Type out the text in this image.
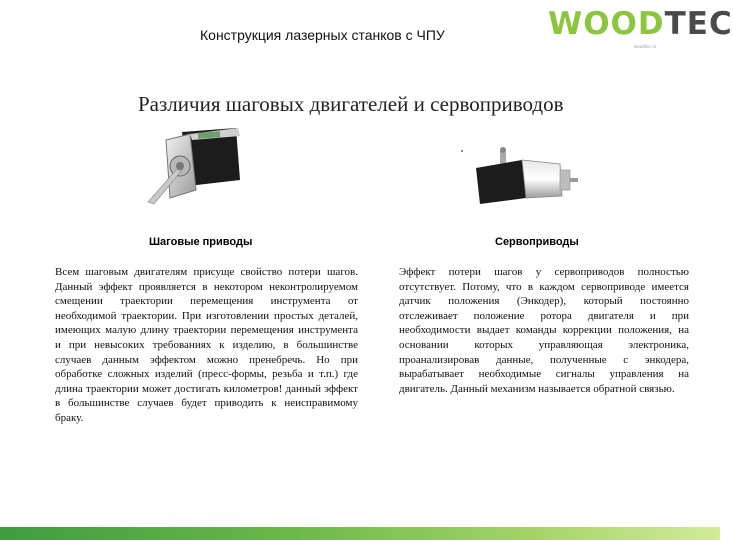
Конструкция лазерных станков с ЧПУ	WOODTEC
woodtec.ru
Различия шаговых двигателей и сервоприводов
Шаговые приводы	Сервоприводы

Всем шаговым двигателям присуще свойство потери шагов. Данный эффект проявляется в некотором неконтролируемом смещении траектории перемещения инструмента от необходимой траектории. При изготовлении простых деталей, имеющих малую длину траектории перемещения инструмента и при невысоких требованиях к изделию, в большинстве случаев данным эффектом можно пренебречь. Но при обработке сложных изделий (пресс-формы, резьба и т.п.) где длина траектории может достигать километров! данный эффект в большинстве случаев будет приводить к неисправимому браку.

Эффект потери шагов у сервоприводов полностью отсутствует. Потому, что в каждом сервоприводе имеется датчик положения (Энкодер), который постоянно отслеживает положение ротора двигателя и при необходимости выдает команды коррекции положения, на основании которых управляющая электроника, проанализировав данные, полученные с энкодера, вырабатывает необходимые сигналы управления на двигатель. Данный механизм называется обратной связью.
